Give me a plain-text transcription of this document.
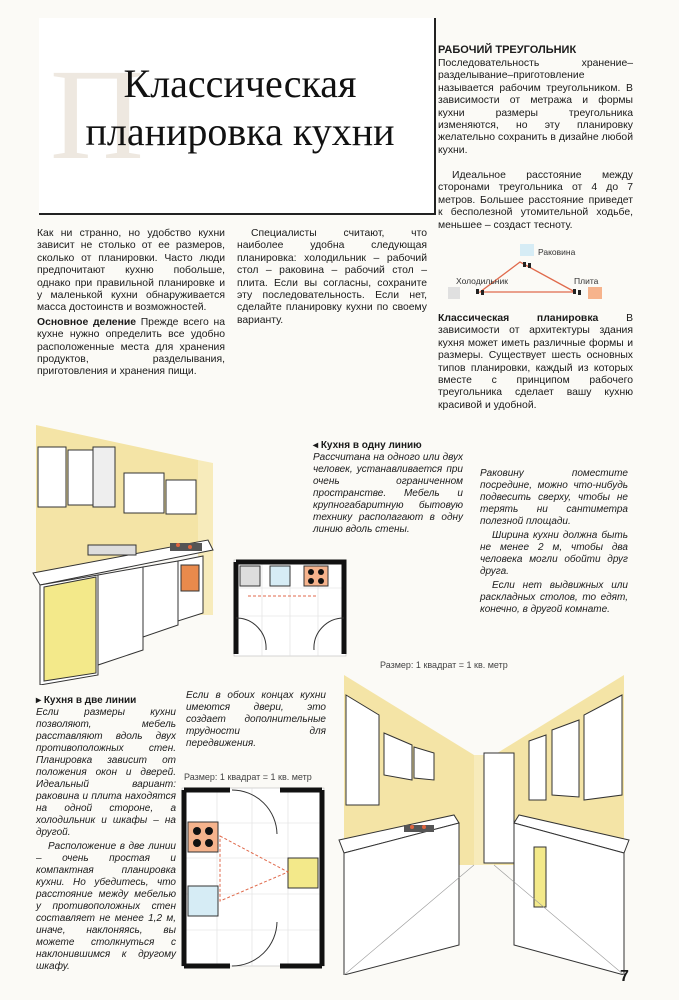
П
Классическая
планировка кухни
РАБОЧИЙ ТРЕУГОЛЬНИК
Последовательность хранение–разделывание–приготовление называется рабочим треугольником. В зависимости от метража и формы кухни размеры треугольника изменяются, но эту планировку желательно сохранить в дизайне любой кухни.
Идеальное расстояние между сторонами треугольника от 4 до 7 метров. Большее расстояние приведет к бесполезной утомительной ходьбе, меньшее – создаст тесноту.
Раковина
Холодильник	Плита
Классическая планировка	В зависимости от архитектуры здания кухня может иметь различные формы и размеры. Существует шесть основных типов планировки, каждый из которых вместе с принципом рабочего треугольника сделает вашу кухню красивой и удобной.
Как ни странно, но удобство кухни зависит не столько от ее размеров, сколько от планировки. Часто люди предпочитают кухню побольше, однако при правильной планировке и у маленькой кухни обнаруживается масса достоинств и возможностей.
Основное деление Прежде всего на кухне нужно определить все удобно расположенные места для хранения продуктов, разделывания, приготовления и хранения пищи.
Специалисты считают, что наиболее удобна следующая планировка: холодильник – рабочий стол – раковина – рабочий стол – плита. Если вы согласны, сохраните эту последовательность. Если нет, сделайте планировку кухни по своему варианту.
◂ Кухня в одну линию
Рассчитана на одного или двух человек, устанавливается при очень ограниченном пространстве. Мебель и крупногабаритную бытовую технику располагают в одну линию вдоль стены.
Раковину поместите посредине, можно что-нибудь подвесить сверху, чтобы не терять ни сантиметра полезной площади.
Ширина кухни должна быть не менее 2 м, чтобы два человека могли обойти друг друга.
Если нет выдвижных или раскладных столов, то едят, конечно, в другой комнате.
Размер: 1 квадрат = 1 кв. метр
▸ Кухня в две линии
Если размеры кухни позволяют, мебель расставляют вдоль двух противоположных стен. Планировка зависит от положения окон и дверей. Идеальный вариант: раковина и плита находятся на одной стороне, а холодильник и шкафы – на другой.
Расположение в две линии – очень простая и компактная планировка кухни. Но убедитесь, что расстояние между мебелью у противоположных стен составляет не менее 1,2 м, иначе, наклоняясь, вы можете столкнуться с наклонившимся к другому шкафу.
Если в обоих концах кухни имеются двери, это создает дополнительные трудности для передвижения.
Размер: 1 квадрат = 1 кв. метр
7
